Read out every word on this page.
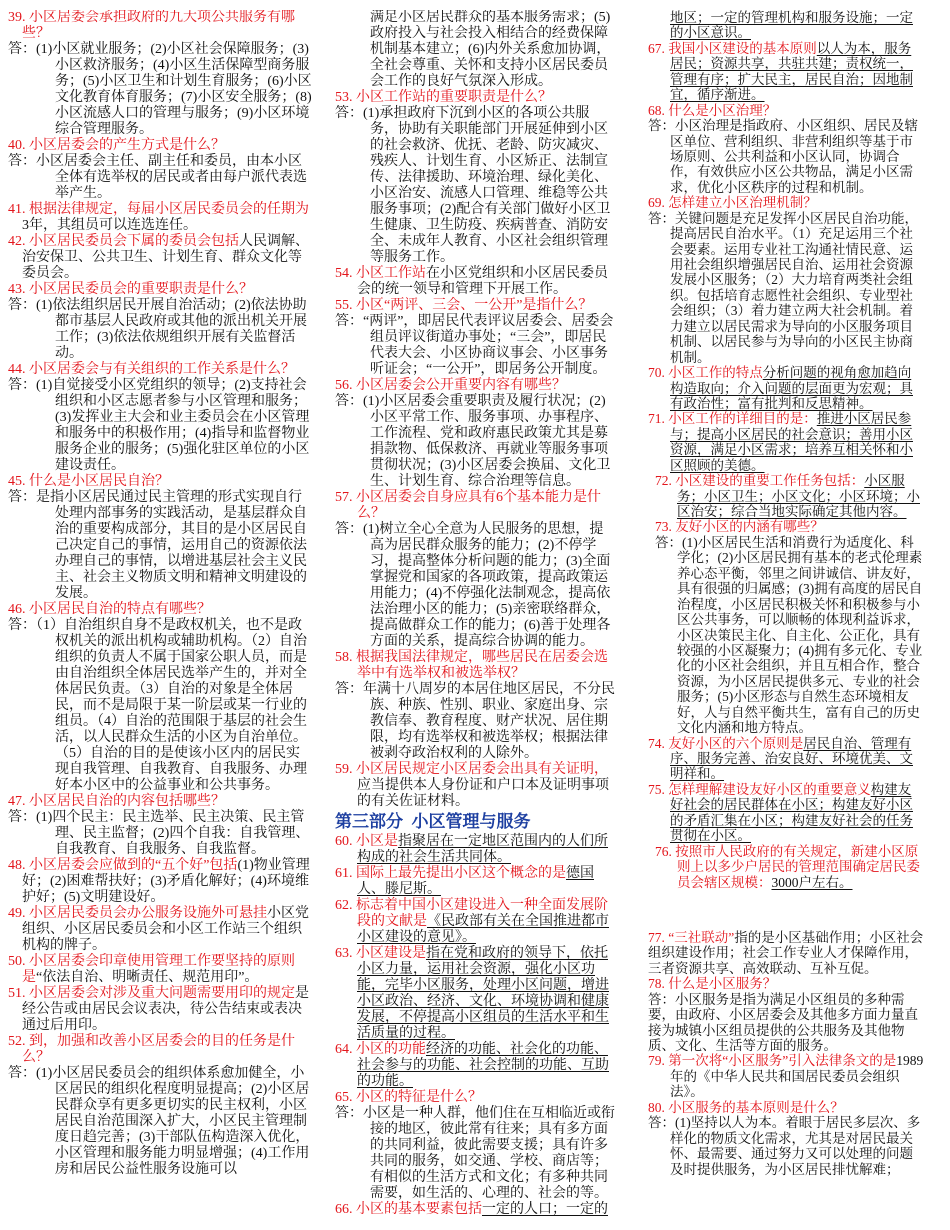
39. 小区居委会承担政府的九大项公共服务有哪些？

答：(1)小区就业服务；(2)小区社会保障服务；(3)小区救济服务；(4)小区生活保障型商务服务；(5)小区卫生和计划生育服务；(6)小区文化教育体育服务；(7)小区安全服务；(8)小区流感人口的管理与服务；(9)小区环境综合管理服务。

40. 小区居委会的产生方式是什么？

答：小区居委会主任、副主任和委员，由本小区全体有选举权的居民或者由每户派代表选举产生。

41. 根据法律规定，每届小区居民委员会的任期为3年，其组员可以连选连任。

42. 小区居民委员会下属的委员会包括人民调解、治安保卫、公共卫生、计划生育、群众文化等委员会。

43. 小区居民委员会的重要职责是什么？

答：(1)依法组织居民开展自治活动；(2)依法协助都市基层人民政府或其他的派出机关开展工作；(3)依法依规组织开展有关监督活动。

44. 小区居委会与有关组织的工作关系是什么？

答：(1)自觉接受小区党组织的领导；(2)支持社会组织和小区志愿者参与小区管理和服务；(3)发挥业主大会和业主委员会在小区管理和服务中的积极作用；(4)指导和监督物业服务企业的服务；(5)强化驻区单位的小区建设责任。

45. 什么是小区居民自治？

答：是指小区居民通过民主管理的形式实现自行处理内部事务的实践活动，是基层群众自治的重要构成部分，其目的是小区居民自己决定自己的事情，运用自己的资源依法办理自己的事情，以增进基层社会主义民主、社会主义物质文明和精神文明建设的发展。

46. 小区居民自治的特点有哪些？

答：（1）自治组织自身不是政权机关，也不是政权机关的派出机构或辅助机构。（2）自治组织的负责人不属于国家公职人员，而是由自治组织全体居民选举产生的，并对全体居民负责。（3）自治的对象是全体居民，而不是局限于某一阶层或某一行业的组员。（4）自治的范围限于基层的社会生活，以人民群众生活的小区为自治单位。（5）自治的目的是使该小区内的居民实现自我管理、自我教育、自我服务、办理好本小区中的公益事业和公共事务。

47. 小区居民自治的内容包括哪些？

答：(1)四个民主：民主选举、民主决策、民主管理、民主监督；(2)四个自我：自我管理、自我教育、自我服务、自我监督。

48. 小区居委会应做到的“五个好”包括(1)物业管理好；(2)困难帮扶好；(3)矛盾化解好；(4)环境维护好；(5)文明建设好。

49. 小区居民委员会办公服务设施外可悬挂小区党组织、小区居民委员会和小区工作站三个组织机构的牌子。

50. 小区居委会印章使用管理工作要坚持的原则是“依法自治、明晰责任、规范用印”。

51. 小区居委会对涉及重大问题需要用印的规定是经公告或由居民会议表决，待公告结束或表决通过后用印。

52. 到，加强和改善小区居委会的目的任务是什么？

答：(1)小区居民委员会的组织体系愈加健全，小区居民的组织化程度明显提高；(2)小区居民群众享有更多更切实的民主权利，小区居民自治范围深入扩大，小区民主管理制度日趋完善；(3)干部队伍构造深入优化，小区管理和服务能力明显增强；(4)工作用房和居民公益性服务设施可以

满足小区居民群众的基本服务需求；(5)政府投入与社会投入相结合的经费保障机制基本建立；(6)内外关系愈加协调，全社会尊重、关怀和支持小区居民委员会工作的良好气氛深入形成。

53. 小区工作站的重要职责是什么？

答：(1)承担政府下沉到小区的各项公共服务，协助有关职能部门开展延伸到小区的社会救济、优抚、老龄、防灾减灾、残疾人、计划生育、小区矫正、法制宣传、法律援助、环境治理、绿化美化、小区治安、流感人口管理、维稳等公共服务事项；(2)配合有关部门做好小区卫生健康、卫生防疫、疾病普查、消防安全、未成年人教育、小区社会组织管理等服务工作。

54. 小区工作站在小区党组织和小区居民委员会的统一领导和管理下开展工作。

55. 小区“两评、三会、一公开”是指什么？

答：“两评”，即居民代表评议居委会、居委会组员评议街道办事处；“三会”，即居民代表大会、小区协商议事会、小区事务听证会；“一公开”，即居务公开制度。

56. 小区居委会公开重要内容有哪些？

答：(1)小区居委会重要职责及履行状况；(2)小区平常工作、服务事项、办事程序、工作流程、党和政府惠民政策尤其是募捐款物、低保救济、再就业等服务事项贯彻状况；(3)小区居委会换届、文化卫生、计划生育、综合治理等信息。

57. 小区居委会自身应具有6个基本能力是什么？

答：(1)树立全心全意为人民服务的思想，提高为居民群众服务的能力；(2)不停学习，提高整体分析问题的能力；(3)全面掌握党和国家的各项政策，提高政策运用能力；(4)不停强化法制观念，提高依法治理小区的能力；(5)亲密联络群众，提高做群众工作的能力；(6)善于处理各方面的关系，提高综合协调的能力。

58. 根据我国法律规定，哪些居民在居委会选举中有选举权和被选举权？

答：年满十八周岁的本居住地区居民，不分民族、种族、性别、职业、家庭出身、宗教信奉、教育程度、财产状况、居住期限，均有选举权和被选举权；根据法律被剥夺政治权利的人除外。

59. 小区居民规定小区居委会出具有关证明，应当提供本人身份证和户口本及证明事项的有关佐证材料。

第三部分  小区管理与服务

60. 小区是指聚居在一定地区范围内的人们所构成的社会生活共同体。

61. 国际上最先提出小区这个概念的是德国人、滕尼斯。

62. 标志着中国小区建设进入一种全面发展阶段的文献是《民政部有关在全国推进都市小区建设的意见》。

63. 小区建设是指在党和政府的领导下，依托小区力量，运用社会资源，强化小区功能，完毕小区服务，处理小区问题，增进小区政治、经济、文化、环境协调和健康发展，不停提高小区组员的生活水平和生活质量的过程。

64. 小区的功能经济的功能、社会化的功能、社会参与的功能、社会控制的功能、互助的功能。

65. 小区的特征是什么？

答：小区是一种人群，他们住在互相临近或衔接的地区，彼此常有往来；具有多方面的共同利益，彼此需要支援；具有许多共同的服务，如交通、学校、商店等；有相似的生活方式和文化；有多种共同需要，如生活的、心理的、社会的等。

66. 小区的基本要素包括一定的人口；一定的

地区；一定的管理机构和服务设施；一定的小区意识。

67. 我国小区建设的基本原则以人为本，服务居民；资源共享，共驻共建；责权统一，管理有序；扩大民主，居民自治；因地制宜，循序渐进。

68. 什么是小区治理？

答：小区治理是指政府、小区组织、居民及辖区单位、营利组织、非营利组织等基于市场原则、公共利益和小区认同，协调合作，有效供应小区公共物品，满足小区需求，优化小区秩序的过程和机制。

69. 怎样建立小区治理机制？

答：关键问题是充足发挥小区居民自治功能，提高居民自治水平。（1）充足运用三个社会要素。运用专业社工沟通社情民意、运用社会组织增强居民自治、运用社会资源发展小区服务；（2）大力培育两类社会组织。包括培育志愿性社会组织、专业型社会组织；（3）着力建立两大社会机制。着力建立以居民需求为导向的小区服务项目机制、以居民参与为导向的小区民主协商机制。

70. 小区工作的特点分析问题的视角愈加趋向构造取向；介入问题的层面更为宏观；具有政治性；富有批判和反思精神。

71. 小区工作的详细目的是：推进小区居民参与；提高小区居民的社会意识；善用小区资源，满足小区需求；培养互相关怀和小区照顾的美德。

72. 小区建设的重要工作任务包括：小区服务；小区卫生；小区文化；小区环境；小区治安；综合当地实际确定其他内容。

73. 友好小区的内涵有哪些？

答：(1)小区居民生活和消费行为适度化、科学化；(2)小区居民拥有基本的老式伦理素养心态平衡，邻里之间讲诚信、讲友好，具有很强的归属感；(3)拥有高度的居民自治程度，小区居民积极关怀和积极参与小区公共事务，可以顺畅的体现利益诉求，小区决策民主化、自主化、公正化，具有较强的小区凝聚力；(4)拥有多元化、专业化的小区社会组织，并且互相合作，整合资源，为小区居民提供多元、专业的社会服务；(5)小区形态与自然生态环境相友好，人与自然平衡共生，富有自己的历史文化内涵和地方特点。

74. 友好小区的六个原则是居民自治、管理有序、服务完善、治安良好、环境优美、文明祥和。

75. 怎样理解建设友好小区的重要意义构建友好社会的居民群体在小区；构建友好小区的矛盾汇集在小区；构建友好社会的任务贯彻在小区。

76. 按照市人民政府的有关规定，新建小区原则上以多少户居民的管理范围确定居民委员会辖区规模：3000户左右。

77. “三社联动”指的是小区基础作用；小区社会组织建设作用；社会工作专业人才保障作用，三者资源共享、高效联动、互补互促。

78. 什么是小区服务？

答：小区服务是指为满足小区组员的多种需要，由政府、小区居委会及其他多方面力量直接为城镇小区组员提供的公共服务及其他物质、文化、生活等方面的服务。

79. 第一次将“小区服务”引入法律条文的是1989年的《中华人民共和国居民委员会组织法》。

80. 小区服务的基本原则是什么？

答：(1)坚持以人为本。着眼于居民多层次、多样化的物质文化需求，尤其是对居民最关怀、最需要、通过努力又可以处理的问题及时提供服务，为小区居民排忧解难；
